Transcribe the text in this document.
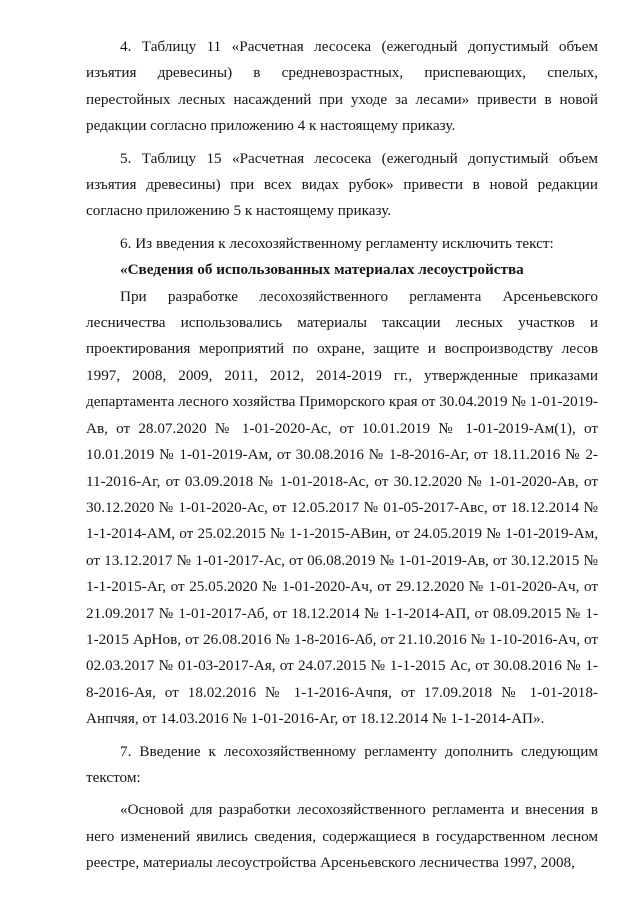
4. Таблицу 11 «Расчетная лесосека (ежегодный допустимый объем изъятия древесины) в средневозрастных, приспевающих, спелых, перестойных лесных насаждений при уходе за лесами» привести в новой редакции согласно приложению 4 к настоящему приказу.

5. Таблицу 15 «Расчетная лесосека (ежегодный допустимый объем изъятия древесины) при всех видах рубок» привести в новой редакции согласно приложению 5 к настоящему приказу.

6. Из введения к лесохозяйственному регламенту исключить текст:

«Сведения об использованных материалах лесоустройства

При разработке лесохозяйственного регламента Арсеньевского лесничества использовались материалы таксации лесных участков и проектирования мероприятий по охране, защите и воспроизводству лесов 1997, 2008, 2009, 2011, 2012, 2014-2019 гг., утвержденные приказами департамента лесного хозяйства Приморского края от 30.04.2019 № 1-01-2019-Ав, от 28.07.2020 № 1-01-2020-Ас, от 10.01.2019 № 1-01-2019-Ам(1), от 10.01.2019 № 1-01-2019-Ам, от 30.08.2016 № 1-8-2016-Аг, от 18.11.2016 № 2-11-2016-Аг, от 03.09.2018 № 1-01-2018-Ас, от 30.12.2020 № 1-01-2020-Ав, от 30.12.2020 № 1-01-2020-Ас, от 12.05.2017 № 01-05-2017-Авс, от 18.12.2014 № 1-1-2014-АМ, от 25.02.2015 № 1-1-2015-АВин, от 24.05.2019 № 1-01-2019-Ам, от 13.12.2017 № 1-01-2017-Ас, от 06.08.2019 № 1-01-2019-Ав, от 30.12.2015 № 1-1-2015-Аг, от 25.05.2020 № 1-01-2020-Ач, от 29.12.2020 № 1-01-2020-Ач, от 21.09.2017 № 1-01-2017-Аб, от 18.12.2014 № 1-1-2014-АП, от 08.09.2015 № 1-1-2015 АрНов, от 26.08.2016 № 1-8-2016-Аб, от 21.10.2016 № 1-10-2016-Ач, от 02.03.2017 № 01-03-2017-Ая, от 24.07.2015 № 1-1-2015 Ас, от 30.08.2016 № 1-8-2016-Ая, от 18.02.2016 № 1-1-2016-Ачпя, от 17.09.2018 № 1-01-2018-Анпчяя, от 14.03.2016 № 1-01-2016-Аг, от 18.12.2014 № 1-1-2014-АП».

7. Введение к лесохозяйственному регламенту дополнить следующим текстом:

«Основой для разработки лесохозяйственного регламента и внесения в него изменений явились сведения, содержащиеся в государственном лесном реестре, материалы лесоустройства Арсеньевского лесничества 1997, 2008,
